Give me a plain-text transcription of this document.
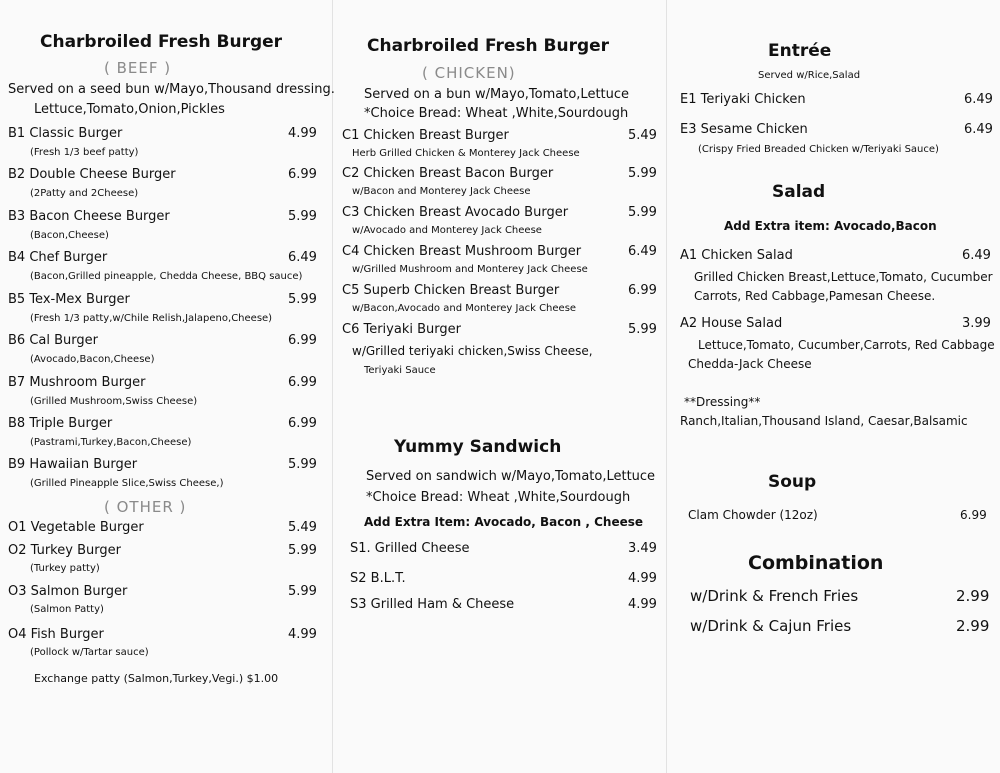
Charbroiled Fresh Burger
( BEEF )
Served on a seed bun w/Mayo,Thousand dressing.
Lettuce,Tomato,Onion,Pickles
B1 Classic Burger	4.99
(Fresh 1/3 beef patty)
B2 Double Cheese Burger	6.99
(2Patty and 2Cheese)
B3 Bacon Cheese Burger	5.99
(Bacon,Cheese)
B4 Chef Burger	6.49
(Bacon,Grilled pineapple, Chedda Cheese, BBQ sauce)
B5 Tex-Mex Burger	5.99
(Fresh 1/3 patty,w/Chile Relish,Jalapeno,Cheese)
B6 Cal Burger	6.99
(Avocado,Bacon,Cheese)
B7 Mushroom Burger	6.99
(Grilled Mushroom,Swiss Cheese)
B8 Triple Burger	6.99
(Pastrami,Turkey,Bacon,Cheese)
B9 Hawaiian Burger	5.99
(Grilled Pineapple Slice,Swiss Cheese,)
( OTHER )
O1 Vegetable Burger	5.49
O2 Turkey Burger	5.99
(Turkey patty)
O3 Salmon Burger	5.99
(Salmon Patty)
O4 Fish Burger	4.99
(Pollock w/Tartar sauce)
Exchange patty (Salmon,Turkey,Vegi.) $1.00
Charbroiled Fresh Burger
( CHICKEN)
Served on a bun w/Mayo,Tomato,Lettuce
*Choice Bread: Wheat ,White,Sourdough
C1 Chicken Breast Burger	5.49
Herb Grilled Chicken & Monterey Jack Cheese
C2 Chicken Breast Bacon Burger	5.99
w/Bacon and Monterey Jack Cheese
C3 Chicken Breast Avocado Burger	5.99
w/Avocado and Monterey Jack Cheese
C4 Chicken Breast Mushroom Burger	6.49
w/Grilled Mushroom and Monterey Jack Cheese
C5 Superb Chicken Breast Burger	6.99
w/Bacon,Avocado and Monterey Jack Cheese
C6 Teriyaki Burger	5.99
w/Grilled teriyaki chicken,Swiss Cheese,
Teriyaki Sauce
Yummy Sandwich
Served on sandwich w/Mayo,Tomato,Lettuce
*Choice Bread: Wheat ,White,Sourdough
Add Extra Item: Avocado, Bacon , Cheese
S1. Grilled Cheese	3.49
S2 B.L.T.	4.99
S3 Grilled Ham & Cheese	4.99
Entrée
Served w/Rice,Salad
E1 Teriyaki Chicken	6.49
E3 Sesame Chicken	6.49
(Crispy Fried Breaded Chicken w/Teriyaki Sauce)
Salad
Add Extra item: Avocado,Bacon
A1 Chicken Salad	6.49
Grilled Chicken Breast,Lettuce,Tomato, Cucumber
Carrots, Red Cabbage,Pamesan Cheese.
A2 House Salad	3.99
Lettuce,Tomato, Cucumber,Carrots, Red Cabbage
Chedda-Jack Cheese
**Dressing**
Ranch,Italian,Thousand Island, Caesar,Balsamic
Soup
Clam Chowder (12oz)	6.99
Combination
w/Drink & French Fries	2.99
w/Drink & Cajun Fries	2.99
